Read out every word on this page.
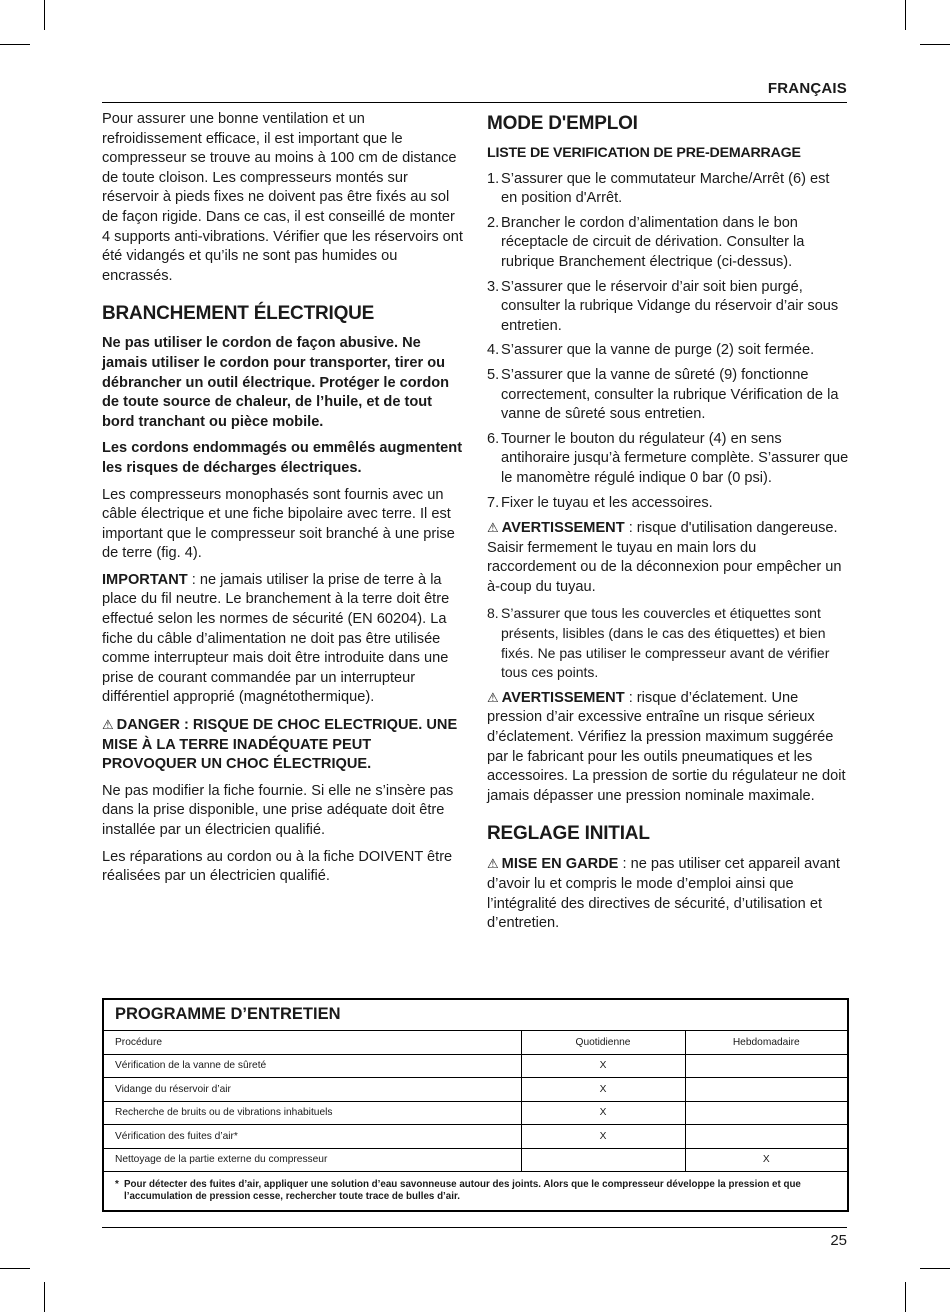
FRANÇAIS

Pour assurer une bonne ventilation et un refroidissement efficace, il est important que le compresseur se trouve au moins à 100 cm de distance de toute cloison. Les compresseurs montés sur réservoir à pieds fixes ne doivent pas être fixés au sol de façon rigide. Dans ce cas, il est conseillé de monter 4 supports anti-vibrations. Vérifier que les réservoirs ont été vidangés et qu’ils ne sont pas humides ou encrassés.

BRANCHEMENT ÉLECTRIQUE

Ne pas utiliser le cordon de façon abusive. Ne jamais utiliser le cordon pour transporter, tirer ou débrancher un outil électrique. Protéger le cordon de toute source de chaleur, de l’huile, et de tout bord tranchant ou pièce mobile.

Les cordons endommagés ou emmêlés augmentent les risques de décharges électriques.

Les compresseurs monophasés sont fournis avec un câble électrique et une fiche bipolaire avec terre. Il est important que le compresseur soit branché à une prise de terre (fig. 4).

IMPORTANT : ne jamais utiliser la prise de terre à la place du fil neutre. Le branchement à la terre doit être effectué selon les normes de sécurité (EN 60204). La fiche du câble d’alimentation ne doit pas être utilisée comme interrupteur mais doit être introduite dans une prise de courant commandée par un interrupteur différentiel approprié (magnétothermique).

⚠ DANGER : RISQUE DE CHOC ELECTRIQUE. UNE MISE À LA TERRE INADÉQUATE PEUT PROVOQUER UN CHOC ÉLECTRIQUE.

Ne pas modifier la fiche fournie. Si elle ne s’insère pas dans la prise disponible, une prise adéquate doit être installée par un électricien qualifié.

Les réparations au cordon ou à la fiche DOIVENT être réalisées par un électricien qualifié.

MODE D'EMPLOI
LISTE DE VERIFICATION DE PRE-DEMARRAGE
1. S’assurer que le commutateur Marche/Arrêt (6) est en position d'Arrêt.
2. Brancher le cordon d’alimentation dans le bon réceptacle de circuit de dérivation. Consulter la rubrique Branchement électrique (ci-dessus).
3. S’assurer que le réservoir d’air soit bien purgé, consulter la rubrique Vidange du réservoir d’air sous entretien.
4. S’assurer que la vanne de purge (2) soit fermée.
5. S’assurer que la vanne de sûreté (9) fonctionne correctement, consulter la rubrique Vérification de la vanne de sûreté sous entretien.
6. Tourner le bouton du régulateur (4) en sens antihoraire jusqu’à fermeture complète. S’assurer que le manomètre régulé indique 0 bar (0 psi).
7. Fixer le tuyau et les accessoires.

⚠ AVERTISSEMENT : risque d'utilisation dangereuse. Saisir fermement le tuyau en main lors du raccordement ou de la déconnexion pour empêcher un à-coup du tuyau.

8. S’assurer que tous les couvercles et étiquettes sont présents, lisibles (dans le cas des étiquettes) et bien fixés. Ne pas utiliser le compresseur avant de vérifier tous ces points.

⚠ AVERTISSEMENT : risque d’éclatement. Une pression d’air excessive entraîne un risque sérieux d’éclatement. Vérifiez la pression maximum suggérée par le fabricant pour les outils pneumatiques et les accessoires. La pression de sortie du régulateur ne doit jamais dépasser une pression nominale maximale.

REGLAGE INITIAL

⚠ MISE EN GARDE : ne pas utiliser cet appareil avant d’avoir lu et compris le mode d’emploi ainsi que l’intégralité des directives de sécurité, d’utilisation et d’entretien.

PROGRAMME D’ENTRETIEN
Procédure	Quotidienne	Hebdomadaire
Vérification de la vanne de sûreté	X	
Vidange du réservoir d’air	X	
Recherche de bruits ou de vibrations inhabituels	X	
Vérification des fuites d’air*	X	
Nettoyage de la partie externe du compresseur		X
* Pour détecter des fuites d’air, appliquer une solution d’eau savonneuse autour des joints. Alors que le compresseur développe la pression et que l’accumulation de pression cesse, rechercher toute trace de bulles d’air.
25
